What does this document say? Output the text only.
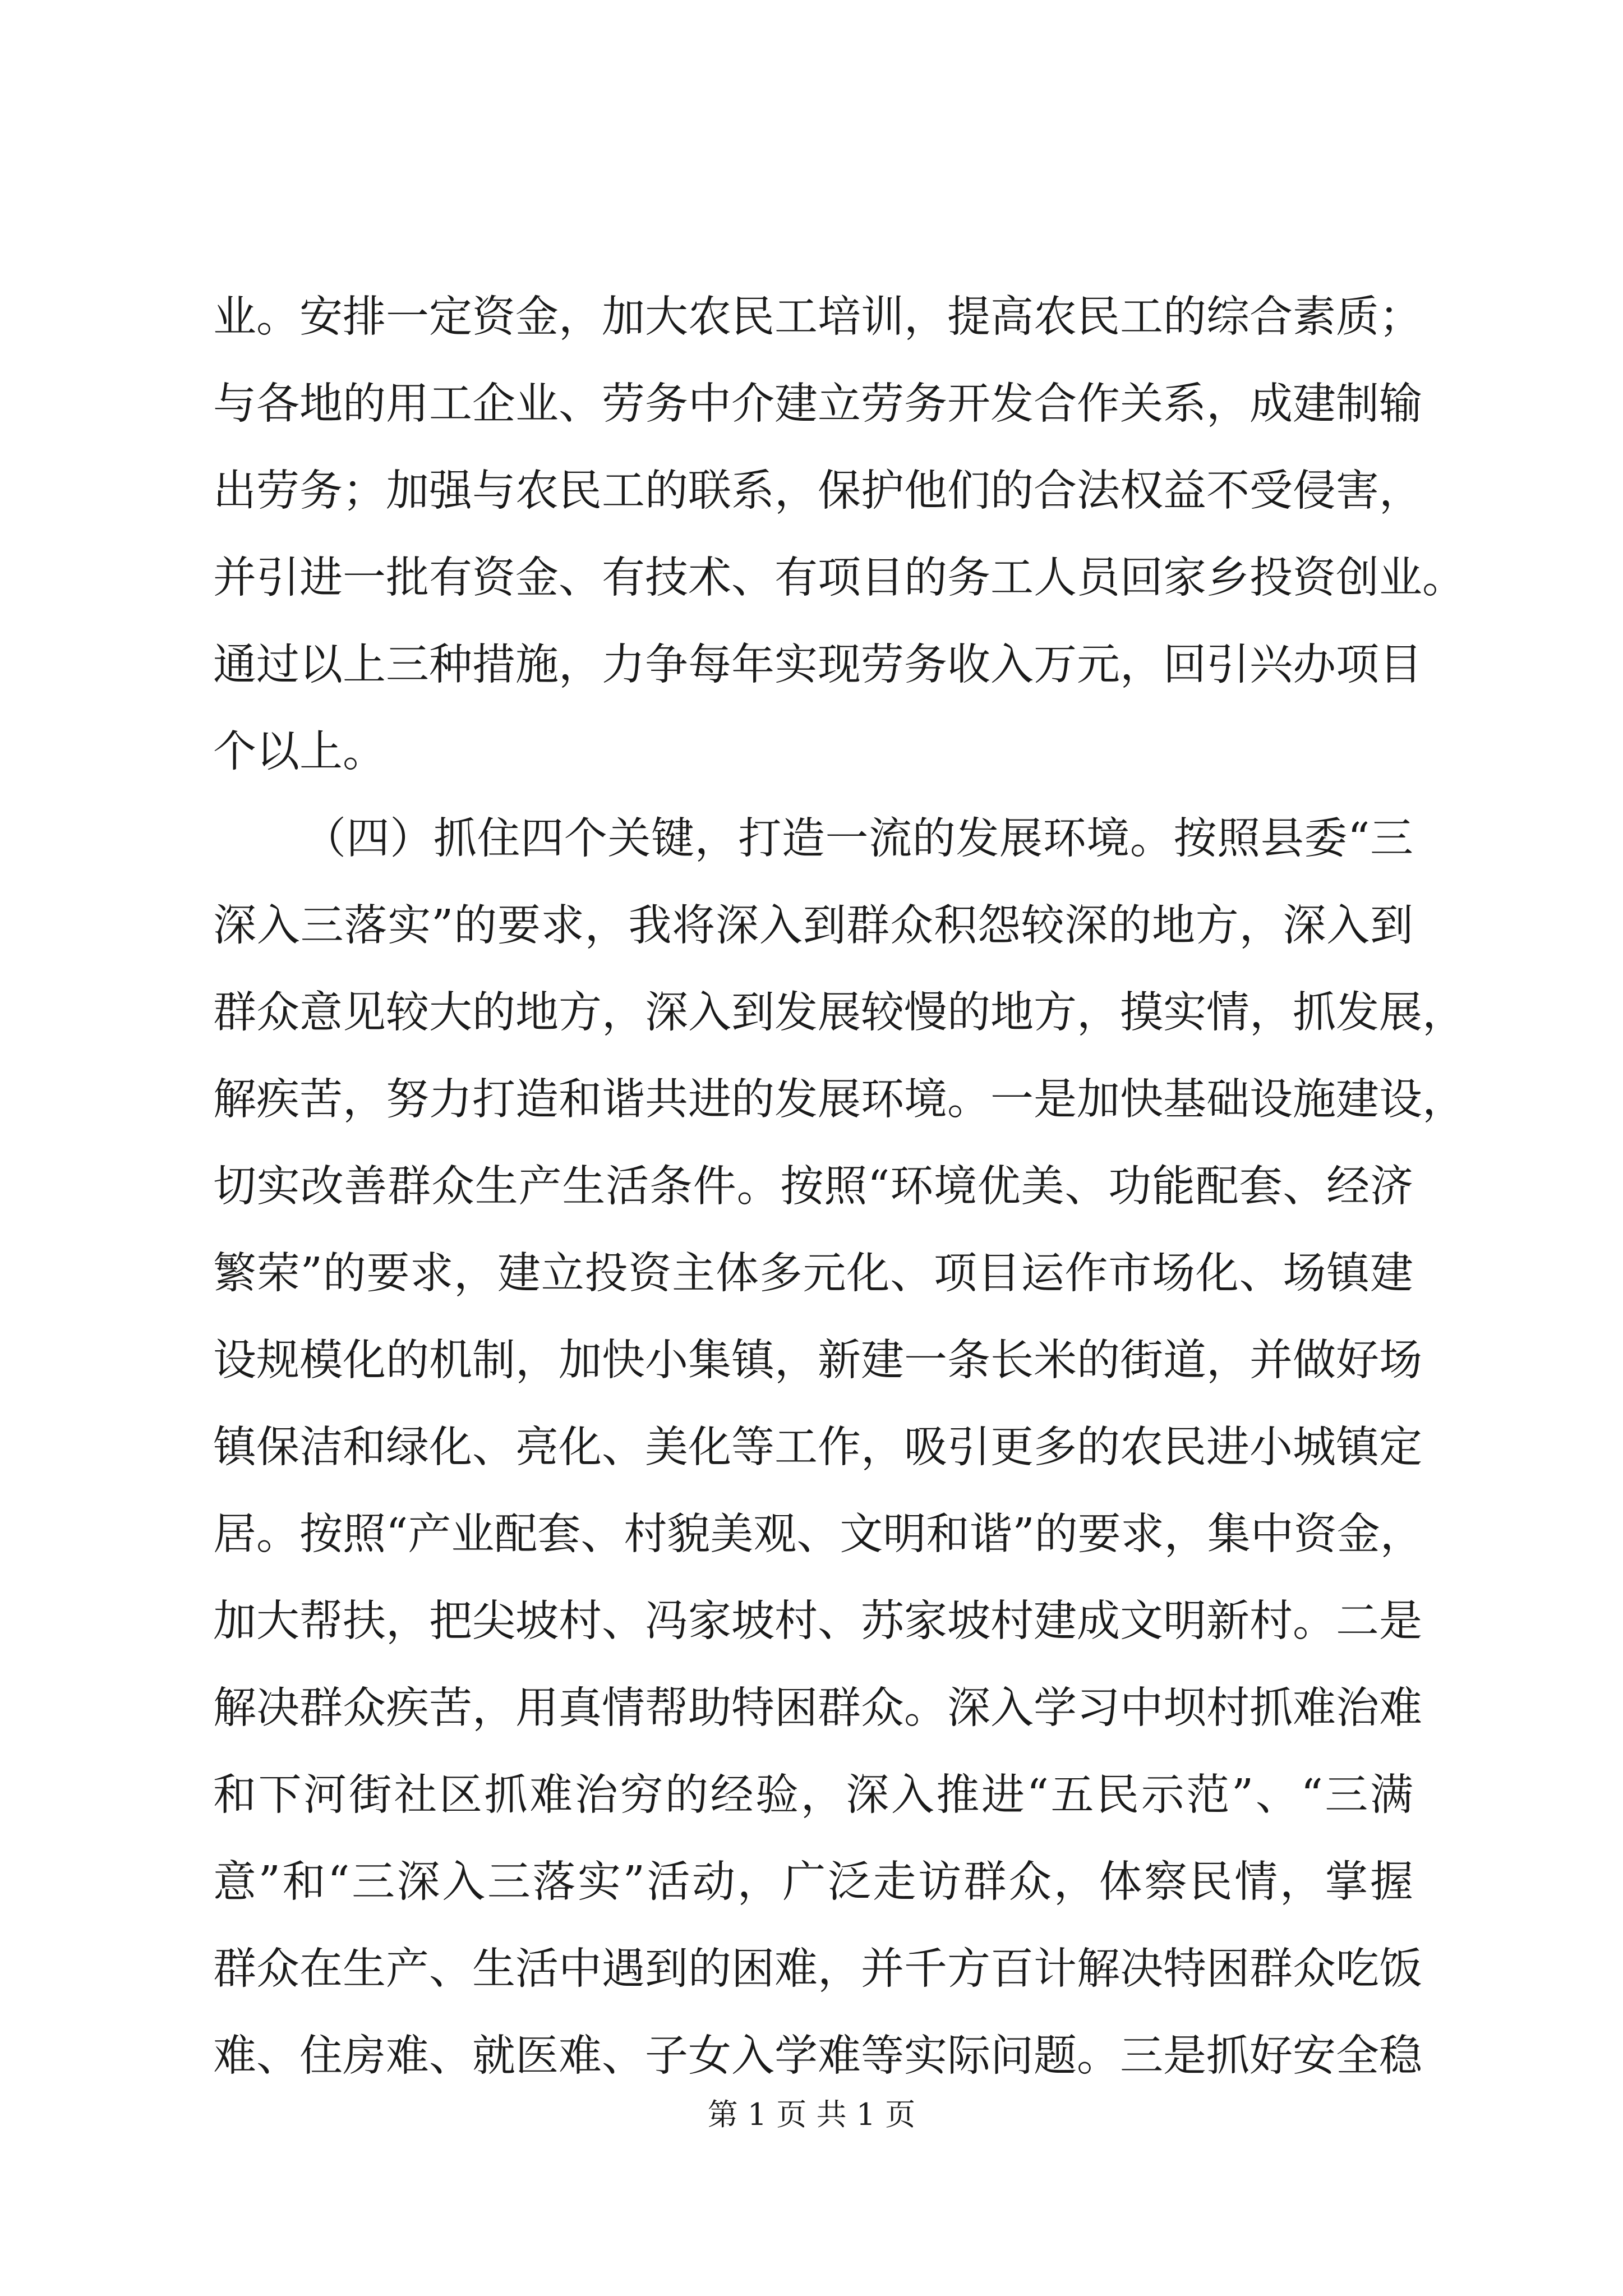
业。安排一定资金，加大农民工培训，提高农民工的综合素质；
与各地的用工企业、劳务中介建立劳务开发合作关系，成建制输
出劳务；加强与农民工的联系，保护他们的合法权益不受侵害，
并引进一批有资金、有技术、有项目的务工人员回家乡投资创业。
通过以上三种措施，力争每年实现劳务收入万元，回引兴办项目
个以上。
（四）抓住四个关键，打造一流的发展环境。按照县委“三
深入三落实”的要求，我将深入到群众积怨较深的地方，深入到
群众意见较大的地方，深入到发展较慢的地方，摸实情，抓发展，
解疾苦，努力打造和谐共进的发展环境。一是加快基础设施建设，
切实改善群众生产生活条件。按照“环境优美、功能配套、经济
繁荣”的要求，建立投资主体多元化、项目运作市场化、场镇建
设规模化的机制，加快小集镇，新建一条长米的街道，并做好场
镇保洁和绿化、亮化、美化等工作，吸引更多的农民进小城镇定
居。按照“产业配套、村貌美观、文明和谐”的要求，集中资金，
加大帮扶，把尖坡村、冯家坡村、苏家坡村建成文明新村。二是
解决群众疾苦，用真情帮助特困群众。深入学习中坝村抓难治难
和下河街社区抓难治穷的经验，深入推进“五民示范”、“三满
意”和“三深入三落实”活动，广泛走访群众，体察民情，掌握
群众在生产、生活中遇到的困难，并千方百计解决特困群众吃饭
难、住房难、就医难、子女入学难等实际问题。三是抓好安全稳
第 1 页 共 1 页
